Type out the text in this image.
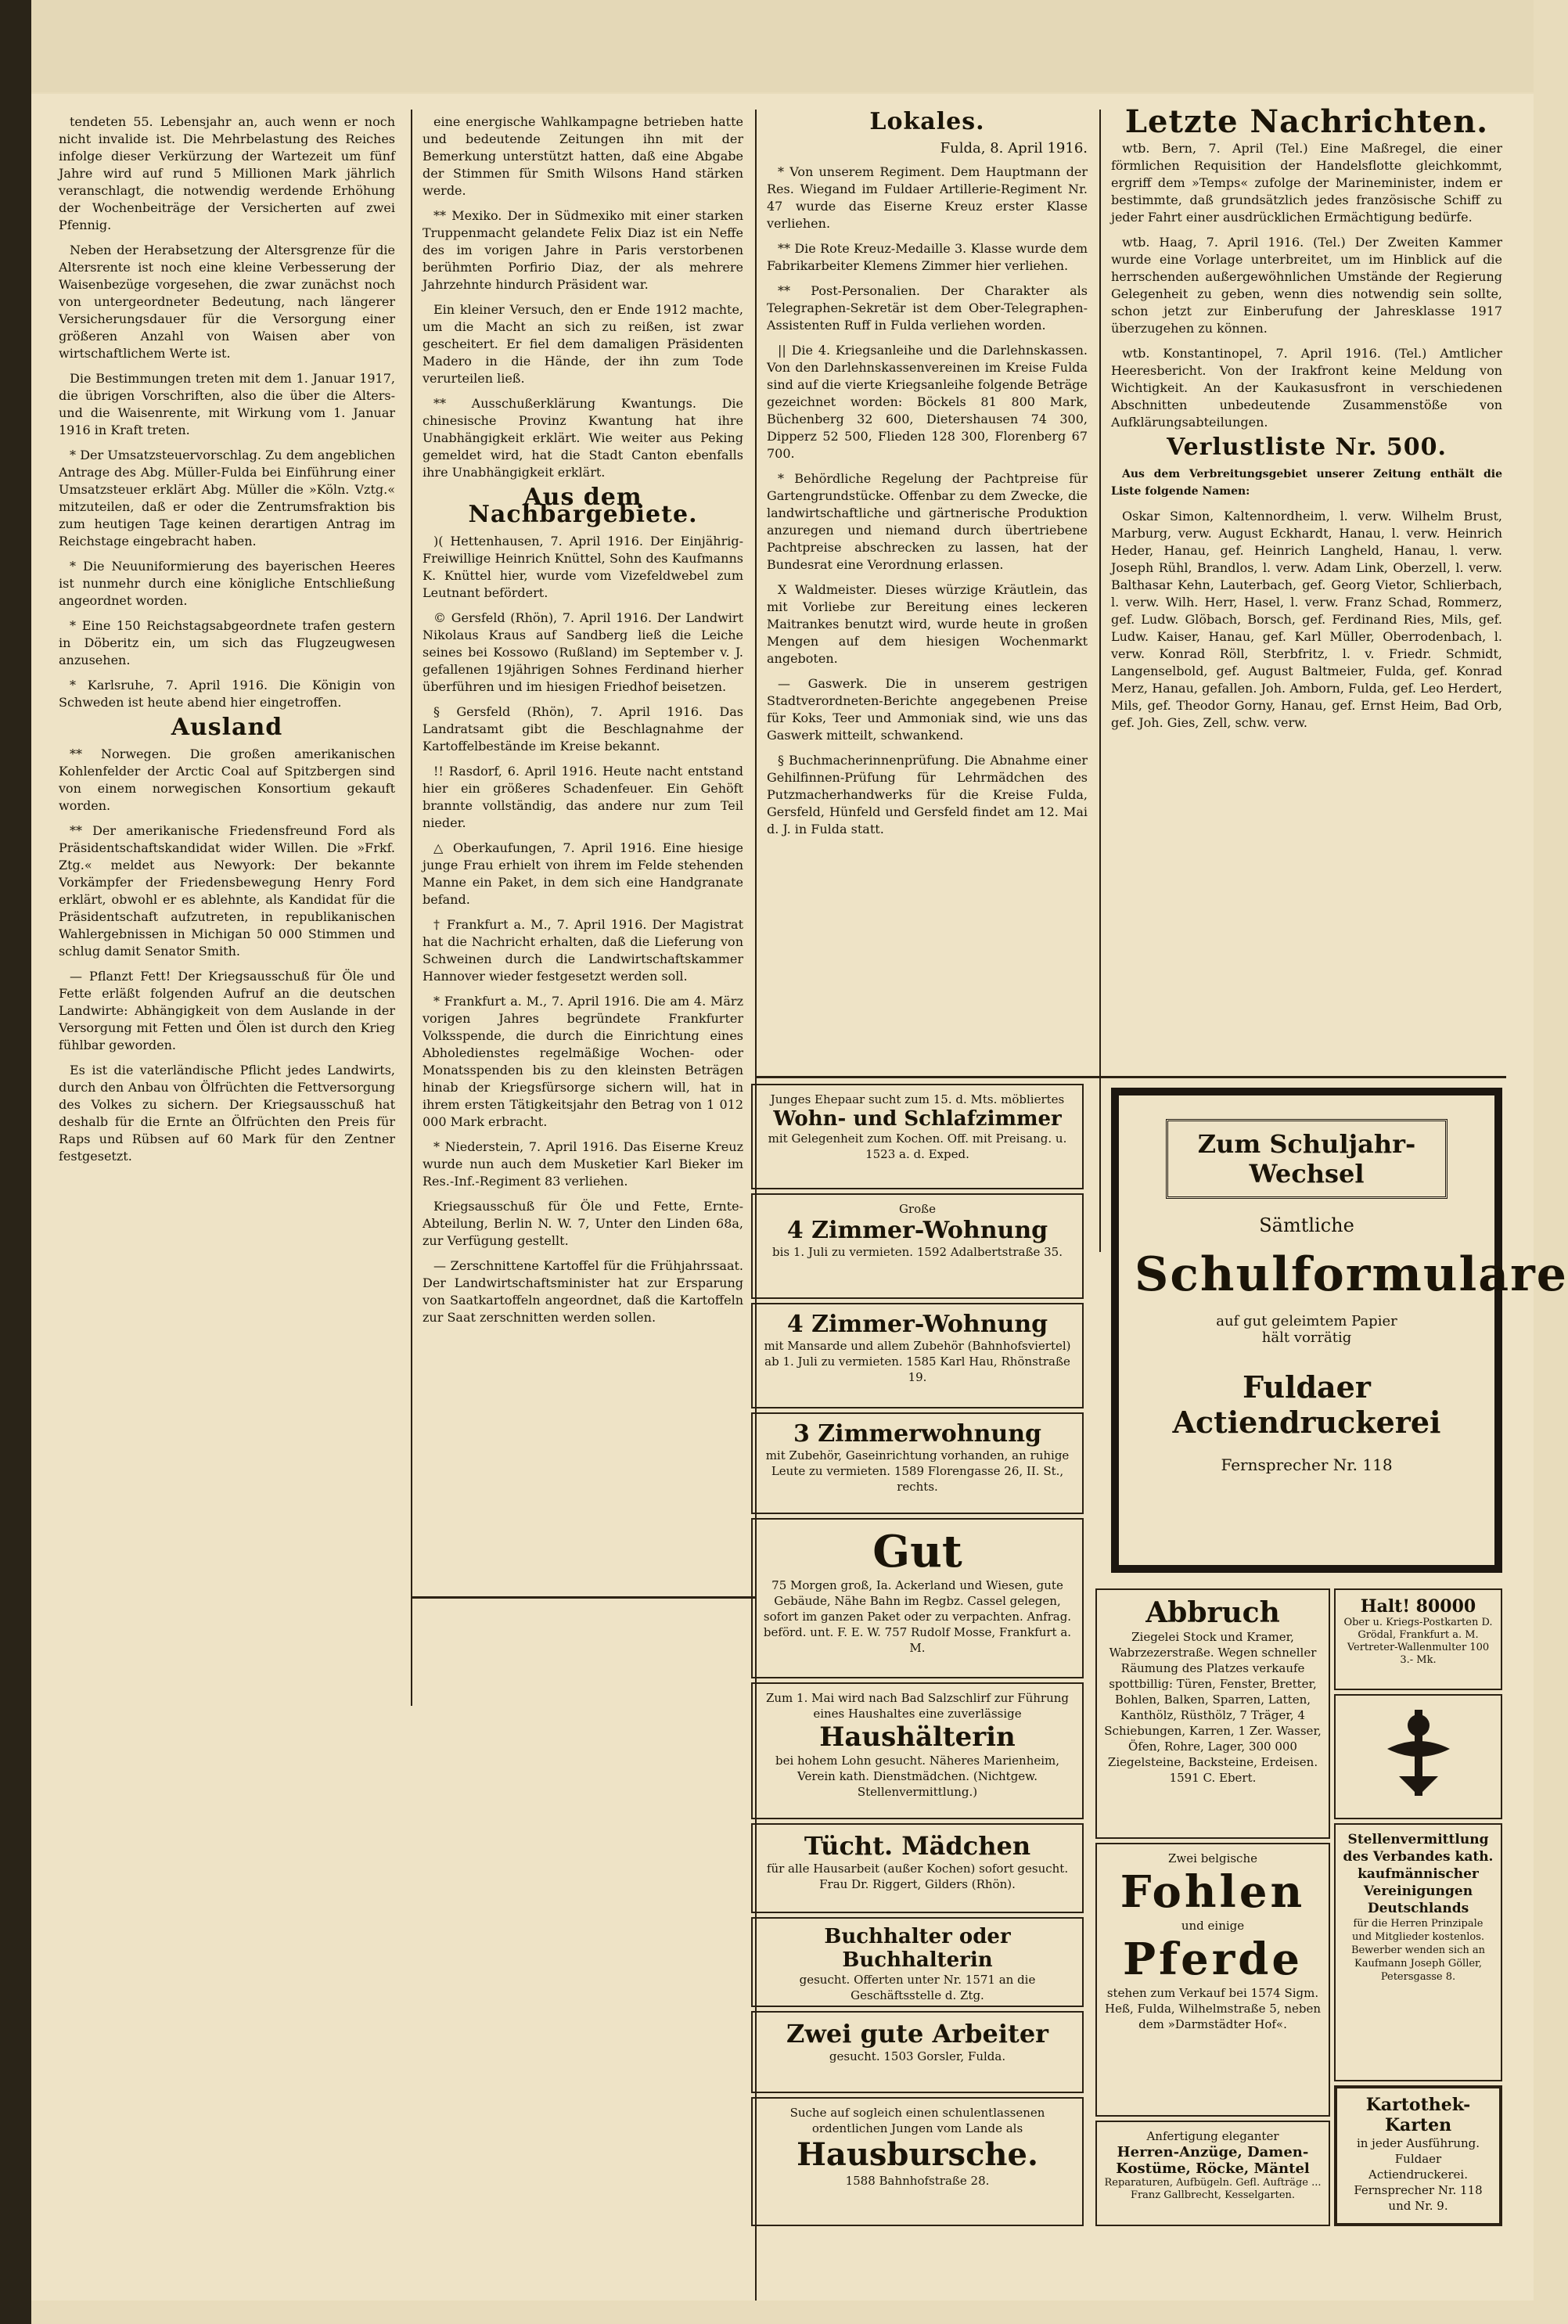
tendeten 55. Lebensjahr an, auch wenn er noch nicht invalide ist. Die Mehrbelastung des Reiches infolge dieser Verkürzung der Wartezeit um fünf Jahre wird auf rund 5 Millionen Mark jährlich veranschlagt, die notwendig werdende Erhöhung der Wochenbeiträge der Versicherten auf zwei Pfennig.

Neben der Herabsetzung der Altersgrenze für die Altersrente ist noch eine kleine Verbesserung der Waisenbezüge vorgesehen, die zwar zunächst noch von untergeordneter Bedeutung, nach längerer Versicherungsdauer für die Versorgung einer größeren Anzahl von Waisen aber von wirtschaftlichem Werte ist.

Die Bestimmungen treten mit dem 1. Januar 1917, die übrigen Vorschriften, also die über die Alters- und die Waisenrente, mit Wirkung vom 1. Januar 1916 in Kraft treten.

* Der Umsatzsteuervorschlag. Zu dem angeblichen Antrage des Abg. Müller-Fulda bei Einführung einer Umsatzsteuer erklärt Abg. Müller die »Köln. Vztg.« mitzuteilen, daß er oder die Zentrumsfraktion bis zum heutigen Tage keinen derartigen Antrag im Reichstage eingebracht haben.

* Die Neuuniformierung des bayerischen Heeres ist nunmehr durch eine königliche Entschließung angeordnet worden.

* Eine 150 Reichstagsabgeordnete trafen gestern in Döberitz ein, um sich das Flugzeugwesen anzusehen.

* Karlsruhe, 7. April 1916. Die Königin von Schweden ist heute abend hier eingetroffen.

Ausland

** Norwegen. Die großen amerikanischen Kohlenfelder der Arctic Coal auf Spitzbergen sind von einem norwegischen Konsortium gekauft worden.

** Der amerikanische Friedensfreund Ford als Präsidentschaftskandidat wider Willen. Die »Frkf. Ztg.« meldet aus Newyork: Der bekannte Vorkämpfer der Friedensbewegung Henry Ford erklärt, obwohl er es ablehnte, als Kandidat für die Präsidentschaft aufzutreten, in republikanischen Wahlergebnissen in Michigan 50 000 Stimmen und schlug damit Senator Smith.

— Pflanzt Fett! Der Kriegsausschuß für Öle und Fette erläßt folgenden Aufruf an die deutschen Landwirte: Abhängigkeit von dem Auslande in der Versorgung mit Fetten und Ölen ist durch den Krieg fühlbar geworden.

Es ist die vaterländische Pflicht jedes Landwirts, durch den Anbau von Ölfrüchten die Fettversorgung des Volkes zu sichern. Der Kriegsausschuß hat deshalb für die Ernte an Ölfrüchten den Preis für Raps und Rübsen auf 60 Mark für den Zentner festgesetzt.

eine energische Wahlkampagne betrieben hatte und bedeutende Zeitungen ihn mit der Bemerkung unterstützt hatten, daß eine Abgabe der Stimmen für Smith Wilsons Hand stärken werde.

** Mexiko. Der in Südmexiko mit einer starken Truppenmacht gelandete Felix Diaz ist ein Neffe des im vorigen Jahre in Paris verstorbenen berühmten Porfirio Diaz, der als mehrere Jahrzehnte hindurch Präsident war.

Ein kleiner Versuch, den er Ende 1912 machte, um die Macht an sich zu reißen, ist zwar gescheitert. Er fiel dem damaligen Präsidenten Madero in die Hände, der ihn zum Tode verurteilen ließ.

** Ausschußerklärung Kwantungs. Die chinesische Provinz Kwantung hat ihre Unabhängigkeit erklärt. Wie weiter aus Peking gemeldet wird, hat die Stadt Canton ebenfalls ihre Unabhängigkeit erklärt.

Aus dem Nachbargebiete.

)( Hettenhausen, 7. April 1916. Der Einjährig-Freiwillige Heinrich Knüttel, Sohn des Kaufmanns K. Knüttel hier, wurde vom Vizefeldwebel zum Leutnant befördert.

© Gersfeld (Rhön), 7. April 1916. Der Landwirt Nikolaus Kraus auf Sandberg ließ die Leiche seines bei Kossowo (Rußland) im September v. J. gefallenen 19jährigen Sohnes Ferdinand hierher überführen und im hiesigen Friedhof beisetzen.

§ Gersfeld (Rhön), 7. April 1916. Das Landratsamt gibt die Beschlagnahme der Kartoffelbestände im Kreise bekannt.

!! Rasdorf, 6. April 1916. Heute nacht entstand hier ein größeres Schadenfeuer. Ein Gehöft brannte vollständig, das andere nur zum Teil nieder.

△ Oberkaufungen, 7. April 1916. Eine hiesige junge Frau erhielt von ihrem im Felde stehenden Manne ein Paket, in dem sich eine Handgranate befand.

† Frankfurt a. M., 7. April 1916. Der Magistrat hat die Nachricht erhalten, daß die Lieferung von Schweinen durch die Landwirtschaftskammer Hannover wieder festgesetzt werden soll.

* Frankfurt a. M., 7. April 1916. Die am 4. März vorigen Jahres begründete Frankfurter Volksspende, die durch die Einrichtung eines Abholedienstes regelmäßige Wochen- oder Monatsspenden bis zu den kleinsten Beträgen hinab der Kriegsfürsorge sichern will, hat in ihrem ersten Tätigkeitsjahr den Betrag von 1 012 000 Mark erbracht.

* Niederstein, 7. April 1916. Das Eiserne Kreuz wurde nun auch dem Musketier Karl Bieker im Res.-Inf.-Regiment 83 verliehen.

Kriegsausschuß für Öle und Fette, Ernte-Abteilung, Berlin N. W. 7, Unter den Linden 68a, zur Verfügung gestellt.

— Zerschnittene Kartoffel für die Frühjahrssaat. Der Landwirtschaftsminister hat zur Ersparung von Saatkartoffeln angeordnet, daß die Kartoffeln zur Saat zerschnitten werden sollen.

Lokales.
Fulda, 8. April 1916.

* Von unserem Regiment. Dem Hauptmann der Res. Wiegand im Fuldaer Artillerie-Regiment Nr. 47 wurde das Eiserne Kreuz erster Klasse verliehen.

** Die Rote Kreuz-Medaille 3. Klasse wurde dem Fabrikarbeiter Klemens Zimmer hier verliehen.

** Post-Personalien. Der Charakter als Telegraphen-Sekretär ist dem Ober-Telegraphen-Assistenten Ruff in Fulda verliehen worden.

|| Die 4. Kriegsanleihe und die Darlehnskassen. Von den Darlehnskassenvereinen im Kreise Fulda sind auf die vierte Kriegsanleihe folgende Beträge gezeichnet worden: Böckels 81 800 Mark, Büchenberg 32 600, Dietershausen 74 300, Dipperz 52 500, Flieden 128 300, Florenberg 67 700.

* Behördliche Regelung der Pachtpreise für Gartengrundstücke. Offenbar zu dem Zwecke, die landwirtschaftliche und gärtnerische Produktion anzuregen und niemand durch übertriebene Pachtpreise abschrecken zu lassen, hat der Bundesrat eine Verordnung erlassen.

X Waldmeister. Dieses würzige Kräutlein, das mit Vorliebe zur Bereitung eines leckeren Maitrankes benutzt wird, wurde heute in großen Mengen auf dem hiesigen Wochenmarkt angeboten.

— Gaswerk. Die in unserem gestrigen Stadtverordneten-Berichte angegebenen Preise für Koks, Teer und Ammoniak sind, wie uns das Gaswerk mitteilt, schwankend.

§ Buchmacherinnenprüfung. Die Abnahme einer Gehilfinnen-Prüfung für Lehrmädchen des Putzmacherhandwerks für die Kreise Fulda, Gersfeld, Hünfeld und Gersfeld findet am 12. Mai d. J. in Fulda statt.

Letzte Nachrichten.

wtb. Bern, 7. April (Tel.) Eine Maßregel, die einer förmlichen Requisition der Handelsflotte gleichkommt, ergriff dem »Temps« zufolge der Marineminister, indem er bestimmte, daß grundsätzlich jedes französische Schiff zu jeder Fahrt einer ausdrücklichen Ermächtigung bedürfe.

wtb. Haag, 7. April 1916. (Tel.) Der Zweiten Kammer wurde eine Vorlage unterbreitet, um im Hinblick auf die herrschenden außergewöhnlichen Umstände der Regierung Gelegenheit zu geben, wenn dies notwendig sein sollte, schon jetzt zur Einberufung der Jahresklasse 1917 überzugehen zu können.

wtb. Konstantinopel, 7. April 1916. (Tel.) Amtlicher Heeresbericht. Von der Irakfront keine Meldung von Wichtigkeit. An der Kaukasusfront in verschiedenen Abschnitten unbedeutende Zusammenstöße von Aufklärungsabteilungen.

Verlustliste Nr. 500.

Aus dem Verbreitungsgebiet unserer Zeitung enthält die Liste folgende Namen:

Oskar Simon, Kaltennordheim, l. verw. Wilhelm Brust, Marburg, verw. August Eckhardt, Hanau, l. verw. Heinrich Heder, Hanau, gef. Heinrich Langheld, Hanau, l. verw. Joseph Rühl, Brandlos, l. verw. Adam Link, Oberzell, l. verw. Balthasar Kehn, Lauterbach, gef. Georg Vietor, Schlierbach, l. verw. Wilh. Herr, Hasel, l. verw. Franz Schad, Rommerz, gef. Ludw. Glöbach, Borsch, gef. Ferdinand Ries, Mils, gef. Ludw. Kaiser, Hanau, gef. Karl Müller, Oberrodenbach, l. verw. Konrad Röll, Sterbfritz, l. v. Friedr. Schmidt, Langenselbold, gef. August Baltmeier, Fulda, gef. Konrad Merz, Hanau, gefallen. Joh. Amborn, Fulda, gef. Leo Herdert, Mils, gef. Theodor Gorny, Hanau, gef. Ernst Heim, Bad Orb, gef. Joh. Gies, Zell, schw. verw.

Junges Ehepaar sucht zum 15. d. Mts. möbliertes
Wohn- und Schlafzimmer
mit Gelegenheit zum Kochen. Off. mit Preisang. u. 1523 a. d. Exped.
Große
4 Zimmer-Wohnung
bis 1. Juli zu vermieten. 1592 Adalbertstraße 35.
4 Zimmer-Wohnung
mit Mansarde und allem Zubehör (Bahnhofsviertel) ab 1. Juli zu vermieten. 1585 Karl Hau, Rhönstraße 19.
3 Zimmerwohnung
mit Zubehör, Gaseinrichtung vorhanden, an ruhige Leute zu vermieten. 1589 Florengasse 26, II. St., rechts.
Gut
75 Morgen groß, Ia. Ackerland und Wiesen, gute Gebäude, Nähe Bahn im Regbz. Cassel gelegen, sofort im ganzen Paket oder zu verpachten. Anfrag. beförd. unt. F. E. W. 757 Rudolf Mosse, Frankfurt a. M.
Zum 1. Mai wird nach Bad Salzschlirf zur Führung eines Haushaltes eine zuverlässige
Haushälterin
bei hohem Lohn gesucht. Näheres Marienheim, Verein kath. Dienstmädchen. (Nichtgew. Stellenvermittlung.)
Tücht. Mädchen
für alle Hausarbeit (außer Kochen) sofort gesucht. Frau Dr. Riggert, Gilders (Rhön).
Buchhalter oder Buchhalterin
gesucht. Offerten unter Nr. 1571 an die Geschäftsstelle d. Ztg.
Zwei gute Arbeiter
gesucht. 1503 Gorsler, Fulda.
Suche auf sogleich einen schulentlassenen ordentlichen Jungen vom Lande als
Hausbursche.
1588 Bahnhofstraße 28.
Zum Schuljahr-Wechsel
Sämtliche
Schulformulare
auf gut geleimtem Papier
hält vorrätig
Fuldaer Actiendruckerei
Fernsprecher Nr. 118
Abbruch
Ziegelei Stock und Kramer, Wabrzezerstraße. Wegen schneller Räumung des Platzes verkaufe spottbillig: Türen, Fenster, Bretter, Bohlen, Balken, Sparren, Latten, Kanthölz, Rüsthölz, 7 Träger, 4 Schiebungen, Karren, 1 Zer. Wasser, Öfen, Rohre, Lager, 300 000 Ziegelsteine, Backsteine, Erdeisen. 1591 C. Ebert.
Halt! 80000
Ober u. Kriegs-Postkarten D. Grödal, Frankfurt a. M. Vertreter-Wallenmulter 100 3.- Mk.
Zwei belgische
Fohlen
und einige
Pferde
stehen zum Verkauf bei 1574 Sigm. Heß, Fulda, Wilhelmstraße 5, neben dem »Darmstädter Hof«.
Stellenvermittlung des Verbandes kath. kaufmännischer Vereinigungen Deutschlands
für die Herren Prinzipale und Mitglieder kostenlos. Bewerber wenden sich an Kaufmann Joseph Göller, Petersgasse 8.
Anfertigung eleganter
Herren-Anzüge, Damen-Kostüme, Röcke, Mäntel
Reparaturen, Aufbügeln. Gefl. Aufträge ... Franz Gallbrecht, Kesselgarten.
Kartothek-Karten
in jeder Ausführung. Fuldaer Actiendruckerei. Fernsprecher Nr. 118 und Nr. 9.
